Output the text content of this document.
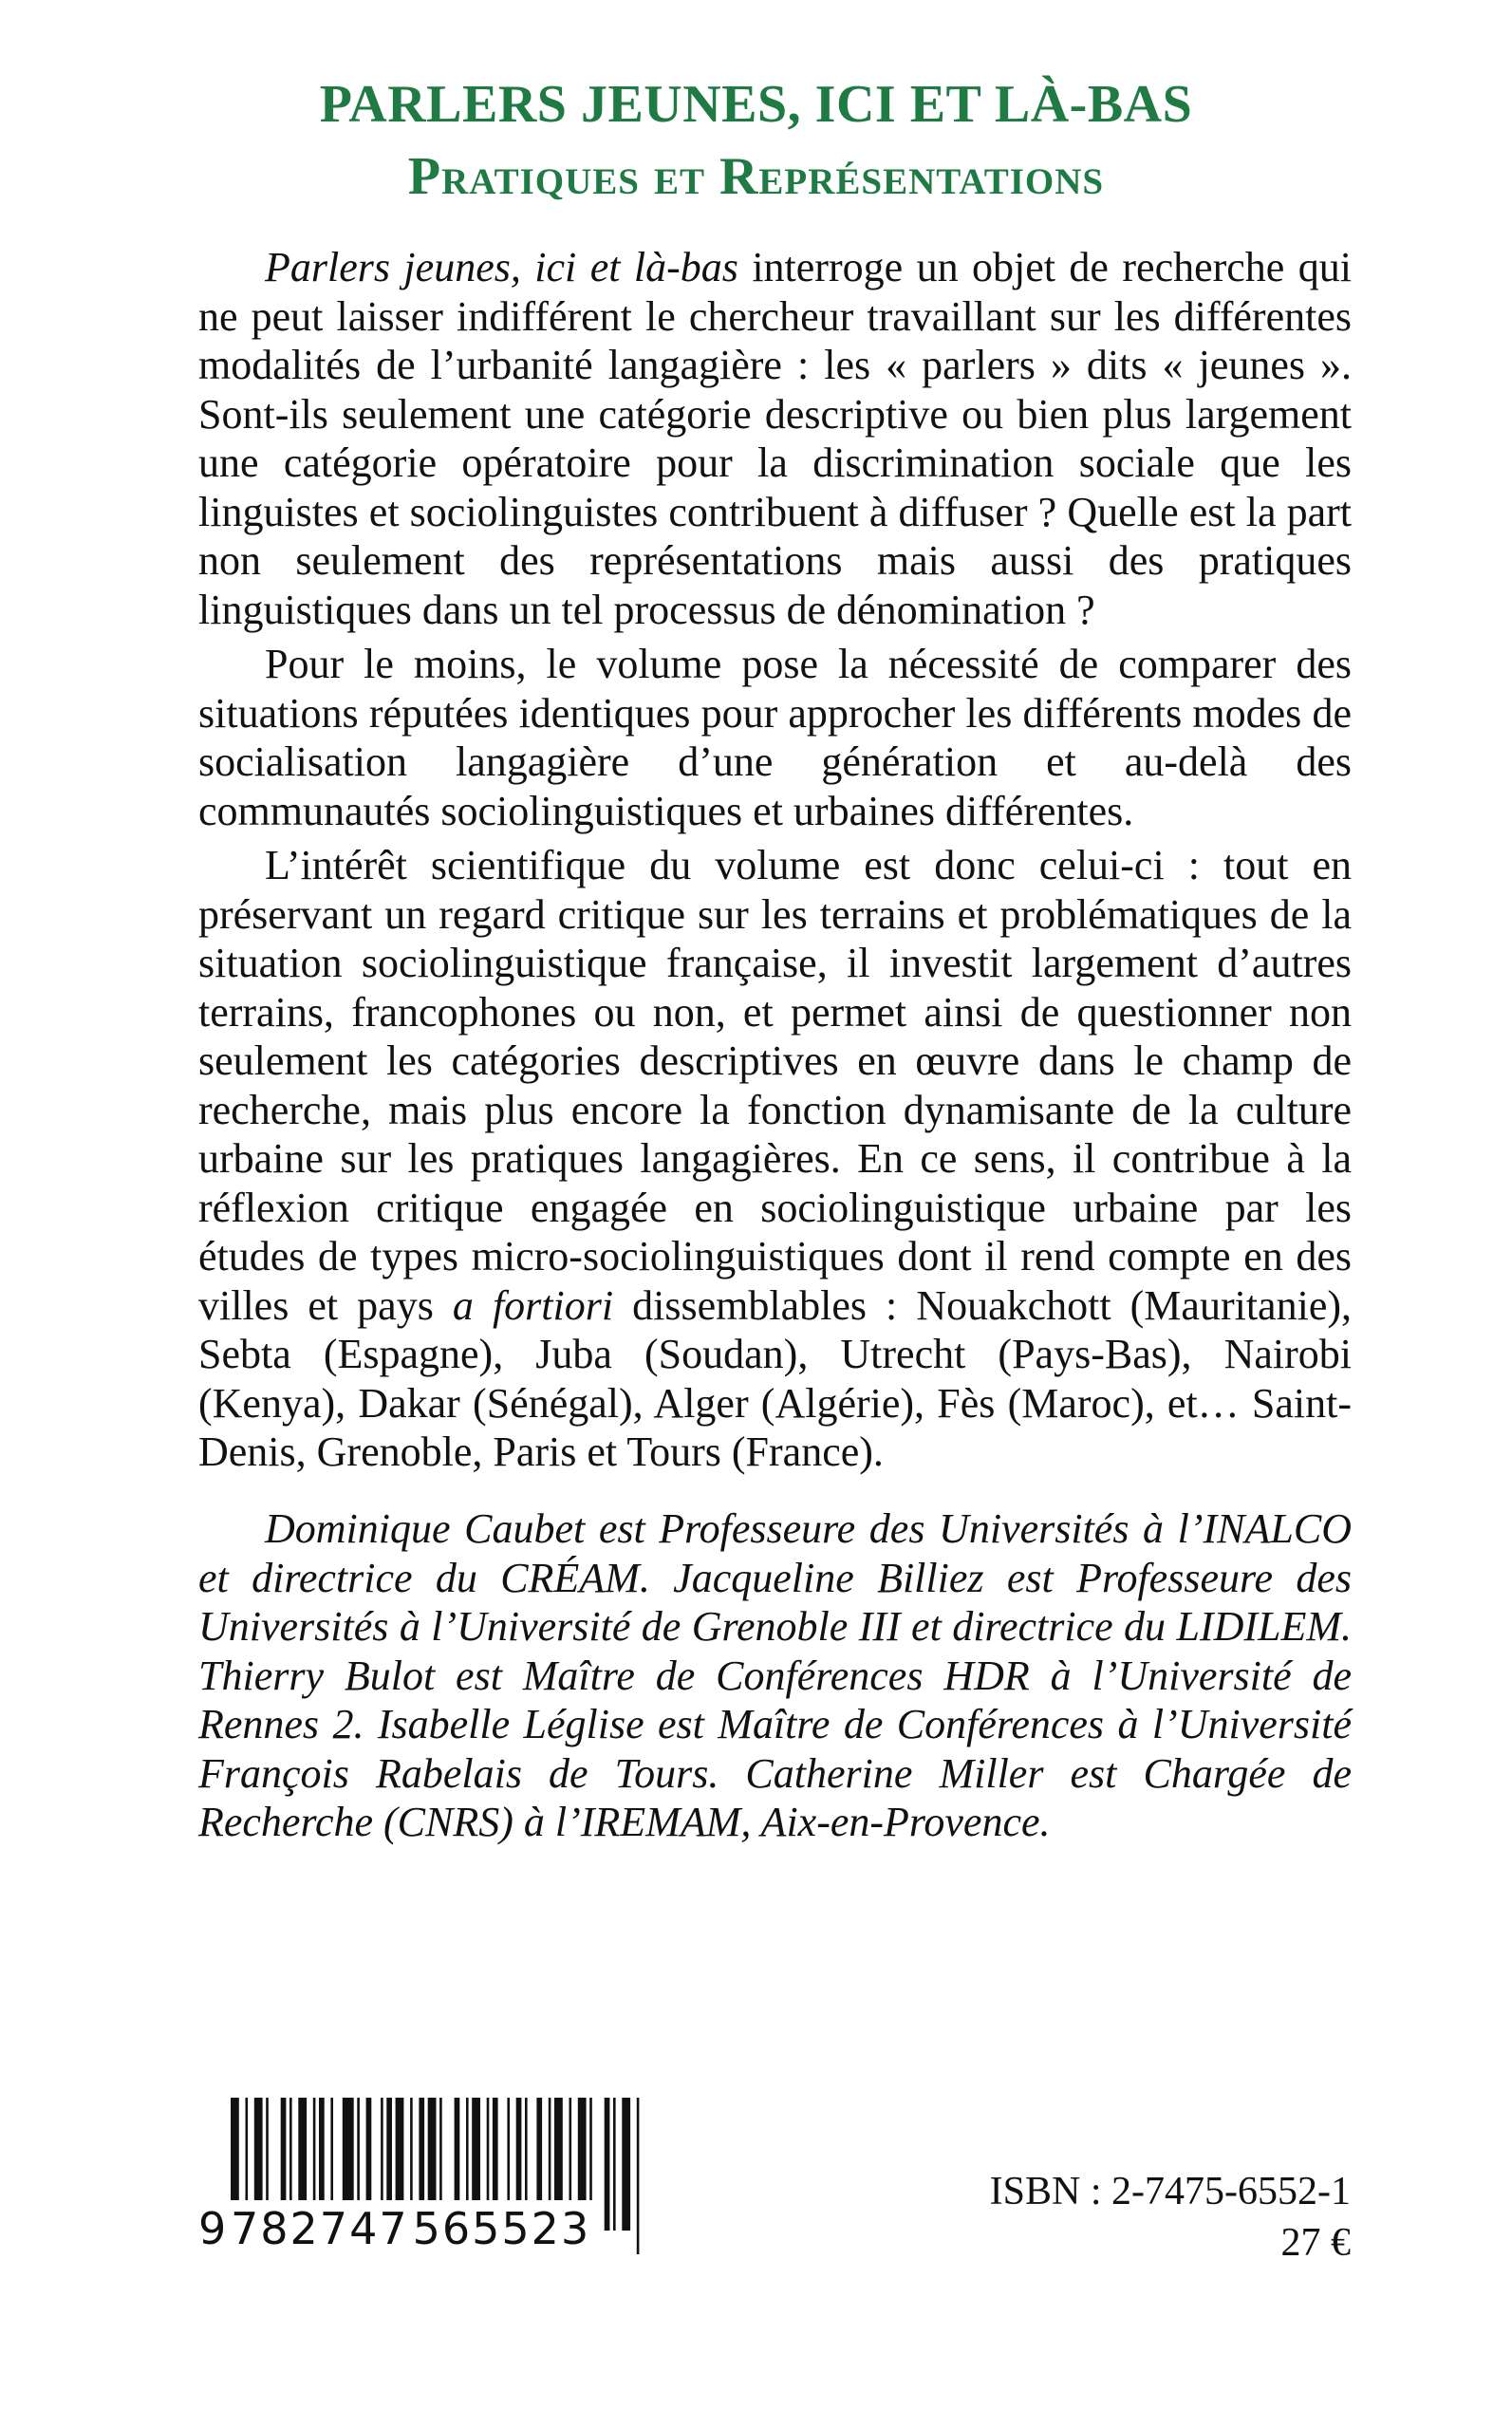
PARLERS JEUNES, ICI ET LÀ-BAS
Pratiques et Représentations

Parlers jeunes, ici et là-bas interroge un objet de recherche qui ne peut laisser indifférent le chercheur travaillant sur les différentes modalités de l’urbanité langagière : les « parlers » dits « jeunes ». Sont-ils seulement une catégorie descriptive ou bien plus largement une catégorie opératoire pour la discrimination sociale que les linguistes et sociolinguistes contribuent à diffuser ? Quelle est la part non seulement des représentations mais aussi des pratiques linguistiques dans un tel processus de dénomination ?

Pour le moins, le volume pose la nécessité de comparer des situations réputées identiques pour approcher les différents modes de socialisation langagière d’une génération et au-delà des communautés sociolinguistiques et urbaines différentes.

L’intérêt scientifique du volume est donc celui-ci : tout en préservant un regard critique sur les terrains et problématiques de la situation sociolinguistique française, il investit largement d’autres terrains, francophones ou non, et permet ainsi de questionner non seulement les catégories descriptives en œuvre dans le champ de recherche, mais plus encore la fonction dynamisante de la culture urbaine sur les pratiques langagières. En ce sens, il contribue à la réflexion critique engagée en sociolinguistique urbaine par les études de types micro-sociolinguistiques dont il rend compte en des villes et pays a fortiori dissemblables : Nouakchott (Mauritanie), Sebta (Espagne), Juba (Soudan), Utrecht (Pays-Bas), Nairobi (Kenya), Dakar (Sénégal), Alger (Algérie), Fès (Maroc), et… Saint-Denis, Grenoble, Paris et Tours (France).

Dominique Caubet est Professeure des Universités à l’INALCO et directrice du CRÉAM. Jacqueline Billiez est Professeure des Universités à l’Université de Grenoble III et directrice du LIDILEM. Thierry Bulot est Maître de Conférences HDR à l’Université de Rennes 2. Isabelle Léglise est Maître de Conférences à l’Université François Rabelais de Tours. Catherine Miller est Chargée de Recherche (CNRS) à l’IREMAM, Aix-en-Provence.

9782747565523
ISBN : 2-7475-6552-1
27 €
